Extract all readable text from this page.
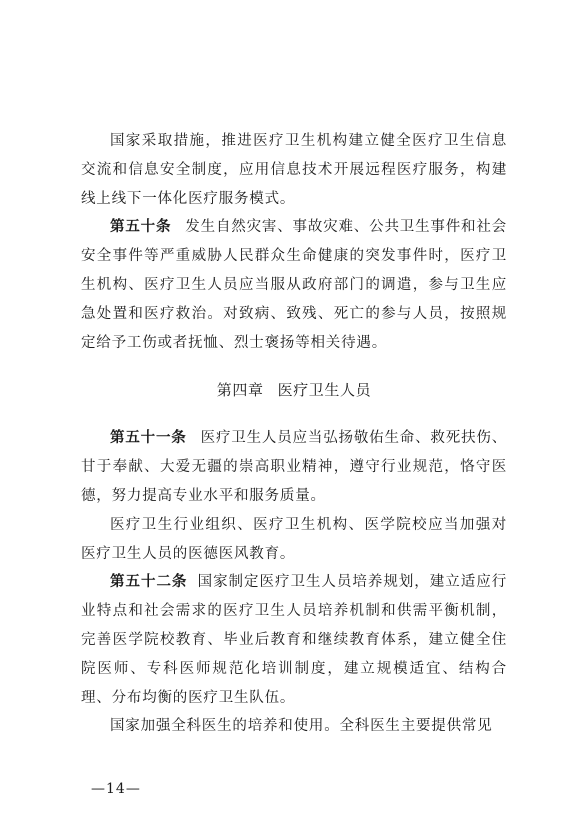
国家采取措施，推进医疗卫生机构建立健全医疗卫生信息交流和信息安全制度，应用信息技术开展远程医疗服务，构建线上线下一体化医疗服务模式。

第五十条 发生自然灾害、事故灾难、公共卫生事件和社会安全事件等严重威胁人民群众生命健康的突发事件时，医疗卫生机构、医疗卫生人员应当服从政府部门的调遣，参与卫生应急处置和医疗救治。对致病、致残、死亡的参与人员，按照规定给予工伤或者抚恤、烈士褒扬等相关待遇。

第四章 医疗卫生人员

第五十一条 医疗卫生人员应当弘扬敬佑生命、救死扶伤、甘于奉献、大爱无疆的崇高职业精神，遵守行业规范，恪守医德，努力提高专业水平和服务质量。

医疗卫生行业组织、医疗卫生机构、医学院校应当加强对医疗卫生人员的医德医风教育。

第五十二条 国家制定医疗卫生人员培养规划，建立适应行业特点和社会需求的医疗卫生人员培养机制和供需平衡机制，完善医学院校教育、毕业后教育和继续教育体系，建立健全住院医师、专科医师规范化培训制度，建立规模适宜、结构合理、分布均衡的医疗卫生队伍。

国家加强全科医生的培养和使用。全科医生主要提供常见

—14—
